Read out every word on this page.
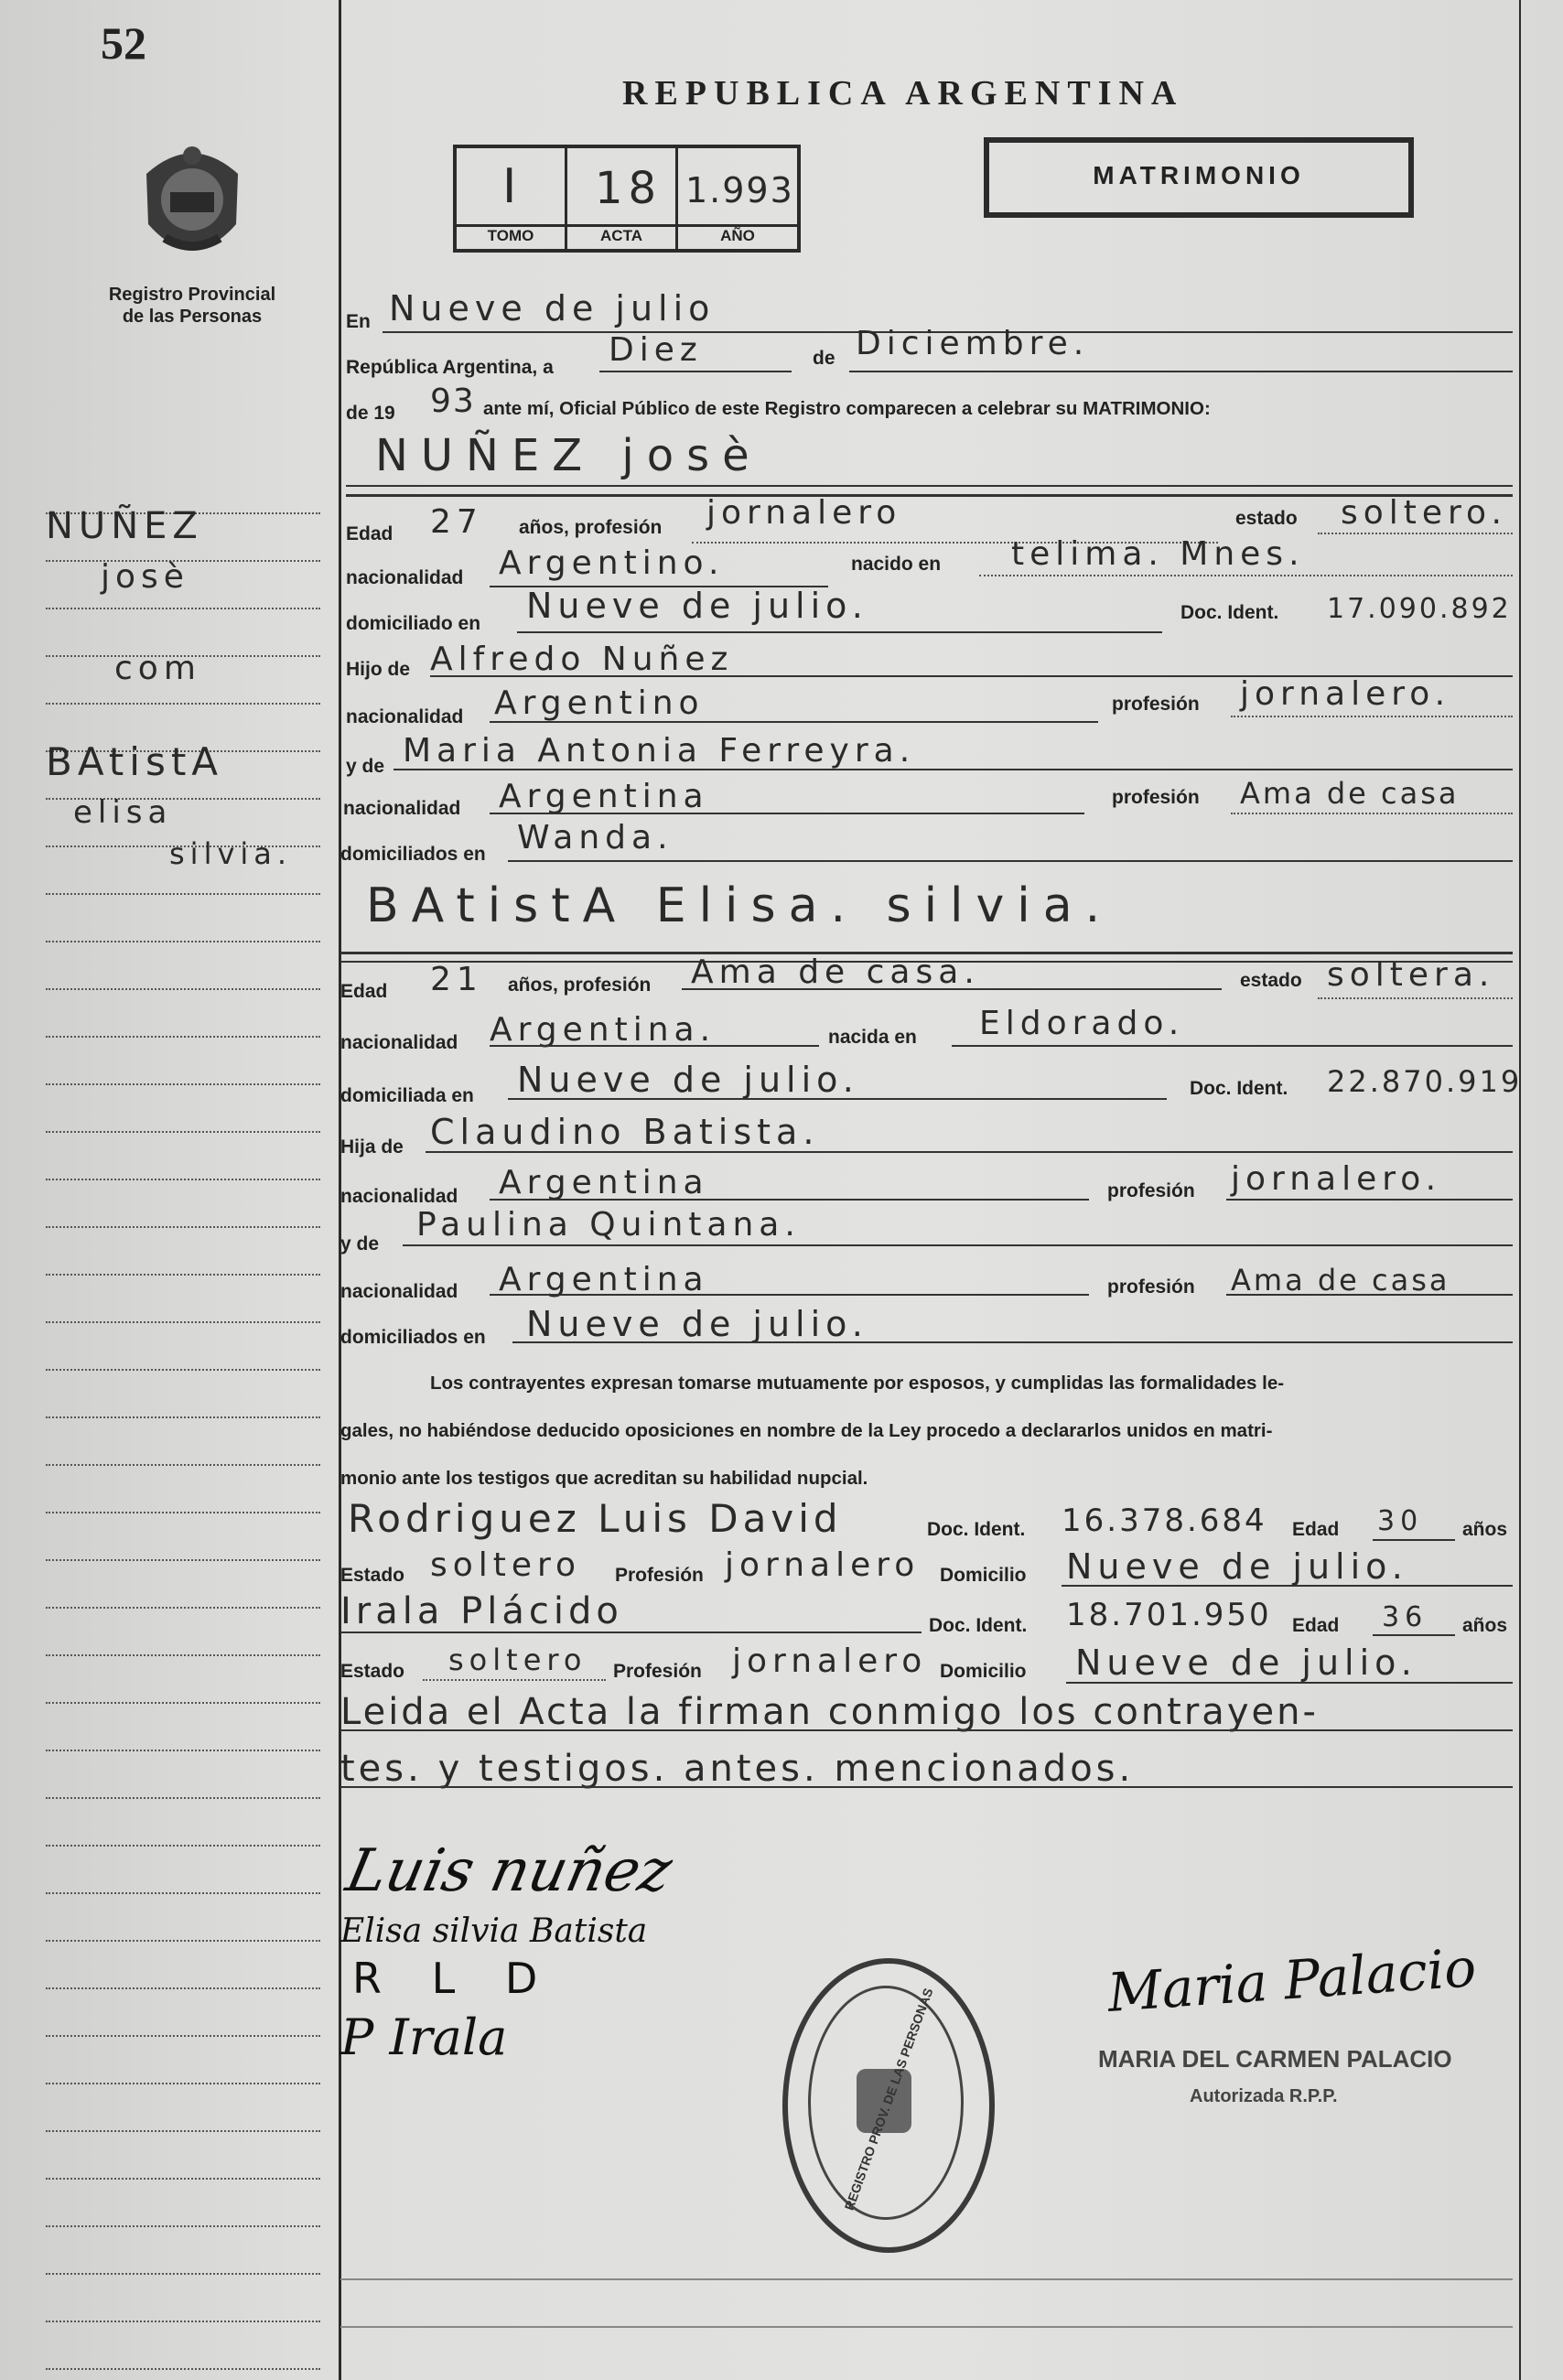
52
Registro Provincial
de las Personas
REPUBLICA ARGENTINA
I
TOMO
18
ACTA
1.993
AÑO
MATRIMONIO
NUÑEZ
josè
com
BAtistA
elisa
silvia.
En Nueve de julio
República Argentina, a Diez	de Diciembre.
de 19 93 ante mí, Oficial Público de este Registro comparecen a celebrar su MATRIMONIO:
NUÑEZ josè
Edad 27 años, profesión jornalero	estado soltero.
nacionalidad Argentino.	nacido en telima. Mnes.
domiciliado en Nueve de julio.	Doc. Ident. 17.090.892
Hijo de Alfredo Nuñez
nacionalidad Argentino	profesión jornalero.
y de Maria Antonia Ferreyra.
nacionalidad Argentina	profesión Ama de casa
domiciliados en Wanda.
BAtistA Elisa. silvia.
Edad 21 años, profesión Ama de casa.	estado soltera.
nacionalidad Argentina.	nacida en Eldorado.
domiciliada en Nueve de julio.	Doc. Ident. 22.870.919
Hija de Claudino Batista.
nacionalidad Argentina	profesión jornalero.
y de
Paulina Quintana.
nacionalidad Argentina	profesión Ama de casa
domiciliados en Nueve de julio.
Los contrayentes expresan tomarse mutuamente por esposos, y cumplidas las formalidades le-
gales, no habiéndose deducido oposiciones en nombre de la Ley procedo a declararlos unidos en matri-
monio ante los testigos que acreditan su habilidad nupcial.
Rodriguez Luis David	Doc. Ident. 16.378.684 Edad 30 años
Estado soltero Profesión jornalero Domicilio Nueve de julio.
Irala Plácido	Doc. Ident. 18.701.950 Edad 36 años
Estado soltero Profesión jornalero Domicilio Nueve de julio.
Leida el Acta la firman conmigo los contrayen-
tes. y testigos. antes. mencionados.
Luis nuñez
Elisa silvia Batista
R L D
P Irala	REGISTRO PROV. DE LAS PERSONAS
Maria Palacio
MARIA DEL CARMEN PALACIO
Autorizada R.P.P.
